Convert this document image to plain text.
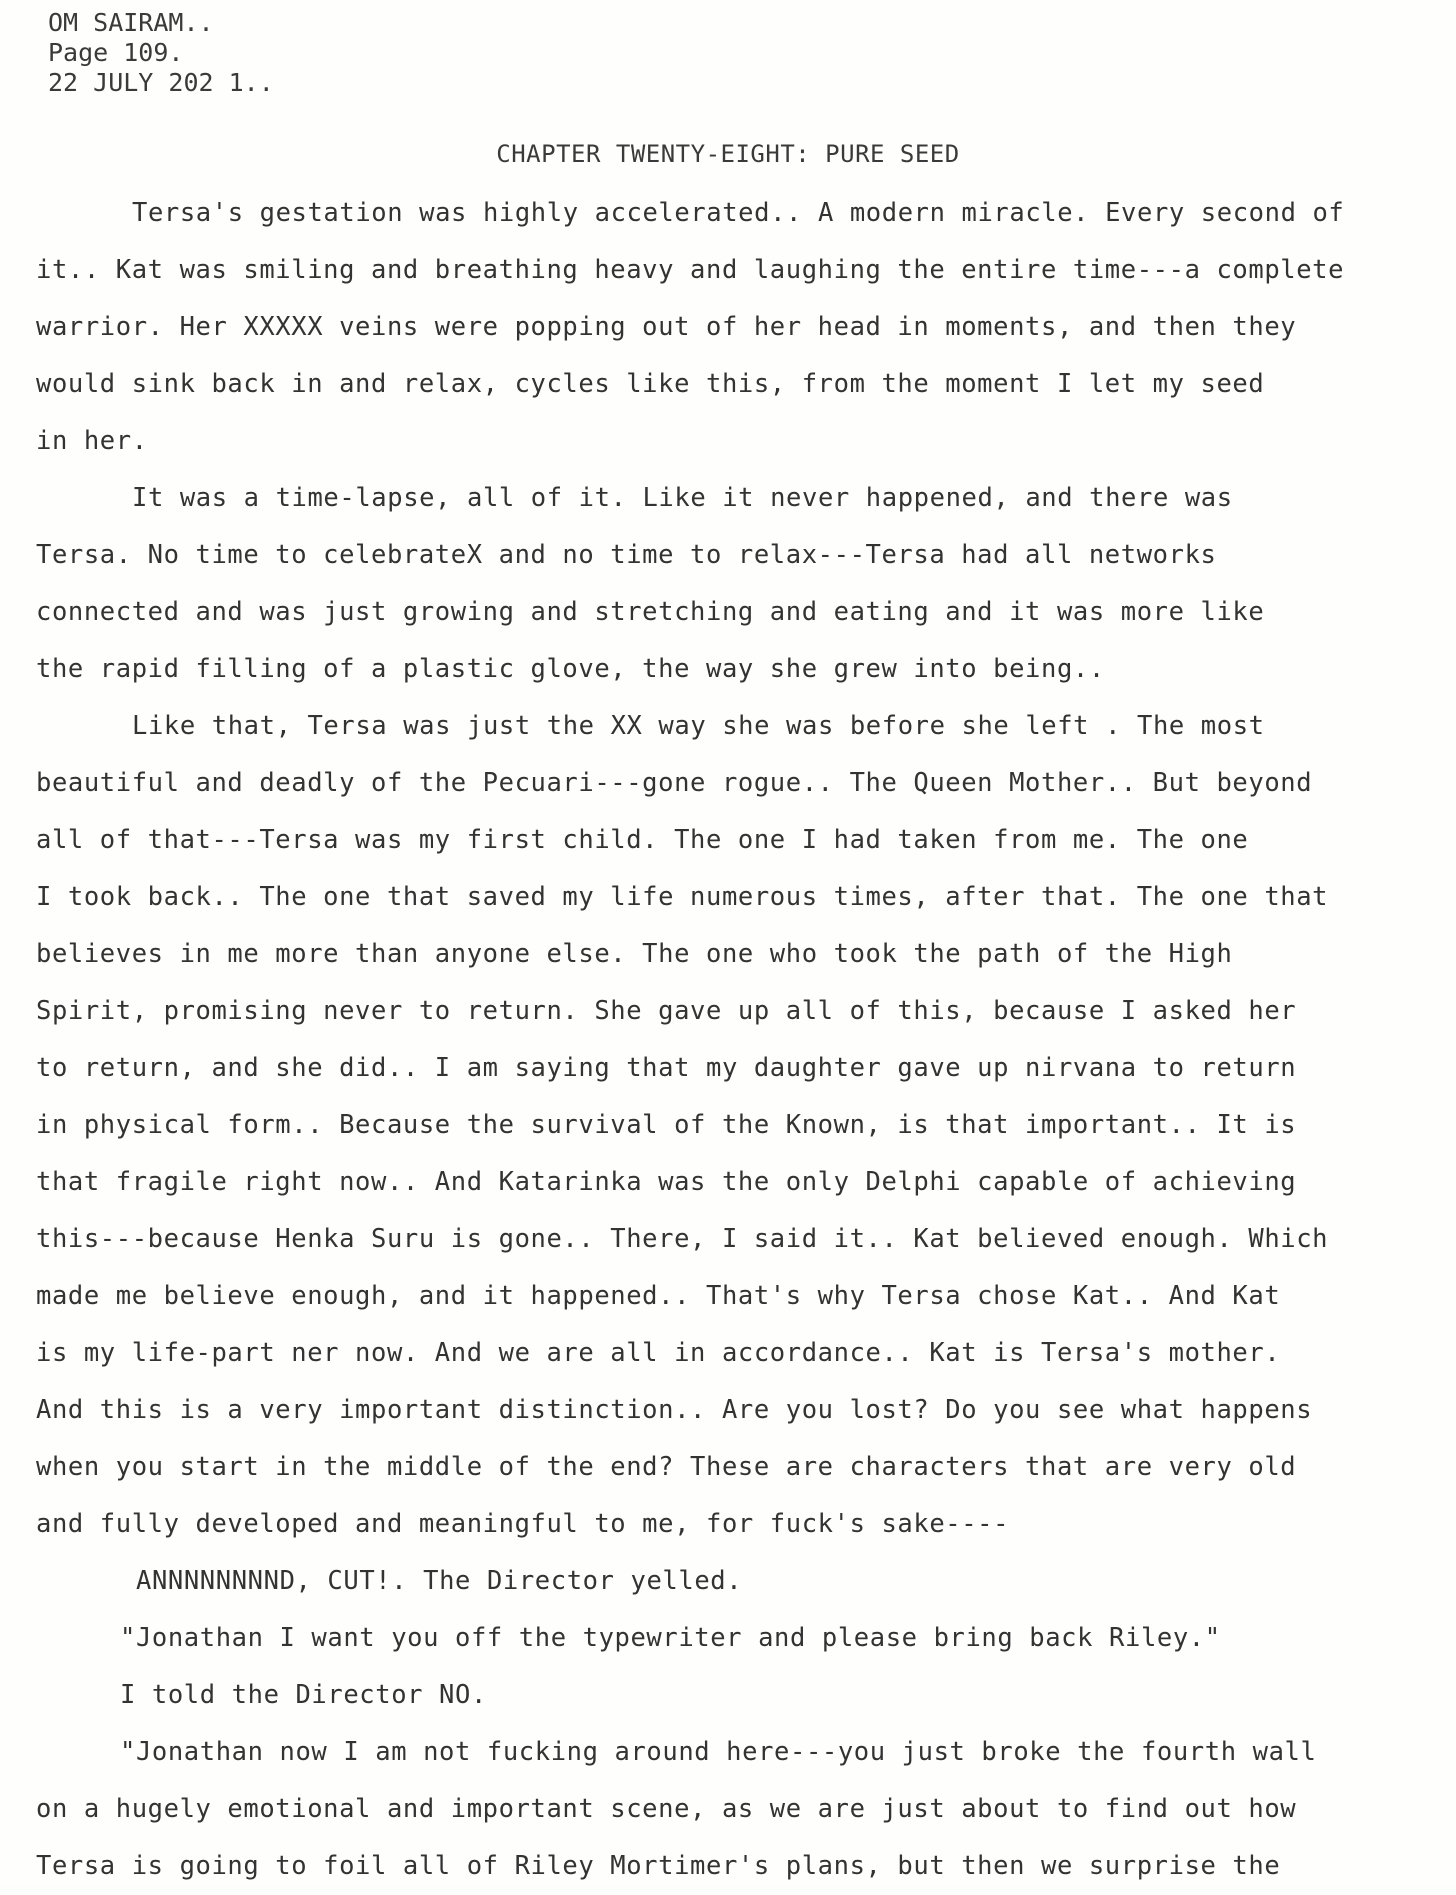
OM SAIRAM..
Page 109.
22 JULY 202 1..
CHAPTER TWENTY-EIGHT: PURE SEED
Tersa's gestation was highly accelerated.. A modern miracle. Every second of
it.. Kat was smiling and breathing heavy and laughing the entire time---a complete
warrior. Her XXXXX veins were popping out of her head in moments, and then they
would sink back in and relax, cycles like this, from the moment I let my seed
in her.
It was a time-lapse, all of it. Like it never happened, and there was
Tersa. No time to celebrateX and no time to relax---Tersa had all networks
connected and was just growing and stretching and eating and it was more like
the rapid filling of a plastic glove, the way she grew into being..
Like that, Tersa was just the XX way she was before she left . The most
beautiful and deadly of the Pecuari---gone rogue.. The Queen Mother.. But beyond
all of that---Tersa was my first child. The one I had taken from me. The one
I took back.. The one that saved my life numerous times, after that. The one that
believes in me more than anyone else. The one who took the path of the High
Spirit, promising never to return. She gave up all of this, because I asked her
to return, and she did.. I am saying that my daughter gave up nirvana to return
in physical form.. Because the survival of the Known, is that important.. It is
that fragile right now.. And Katarinka was the only Delphi capable of achieving
this---because Henka Suru is gone.. There, I said it.. Kat believed enough. Which
made me believe enough, and it happened.. That's why Tersa chose Kat.. And Kat
is my life-part ner now. And we are all in accordance.. Kat is Tersa's mother.
And this is a very important distinction.. Are you lost? Do you see what happens
when you start in the middle of the end? These are characters that are very old
and fully developed and meaningful to me, for fuck's sake----
ANNNNNNNND, CUT!. The Director yelled.
"Jonathan I want you off the typewriter and please bring back Riley."
I told the Director NO.
"Jonathan now I am not fucking around here---you just broke the fourth wall
on a hugely emotional and important scene, as we are just about to find out how
Tersa is going to foil all of Riley Mortimer's plans, but then we surprise the
